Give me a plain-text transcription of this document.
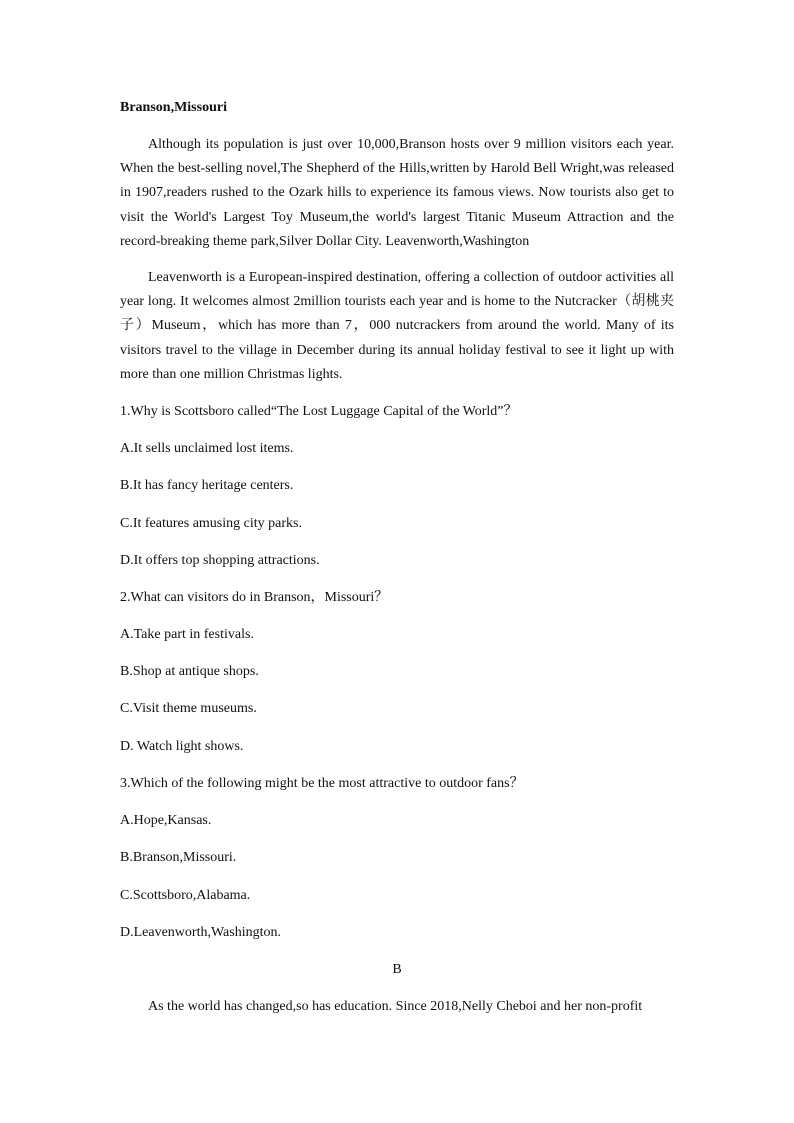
Branson,Missouri

Although its population is just over 10,000,Branson hosts over 9 million visitors each year. When the best-selling novel,The Shepherd of the Hills,written by Harold Bell Wright,was released in 1907,readers rushed to the Ozark hills to experience its famous views. Now tourists also get to visit the World's Largest Toy Museum,the world's largest Titanic Museum Attraction and the record-breaking theme park,Silver Dollar City. Leavenworth,Washington

Leavenworth is a European-inspired destination, offering a collection of outdoor activities all year long. It welcomes almost 2million tourists each year and is home to the Nutcracker（胡桃夹子）Museum，which has more than 7，000 nutcrackers from around the world. Many of its visitors travel to the village in December during its annual holiday festival to see it light up with more than one million Christmas lights.

1.Why is Scottsboro called“The Lost Luggage Capital of the World”？
A.It sells unclaimed lost items.
B.It has fancy heritage centers.
C.It features amusing city parks.
D.It offers top shopping attractions.
2.What can visitors do in Branson，Missouri？
A.Take part in festivals.
B.Shop at antique shops.
C.Visit theme museums.
D. Watch light shows.
3.Which of the following might be the most attractive to outdoor fans？
A.Hope,Kansas.
B.Branson,Missouri.
C.Scottsboro,Alabama.
D.Leavenworth,Washington.
B

As the world has changed,so has education. Since 2018,Nelly Cheboi and her non-profit
